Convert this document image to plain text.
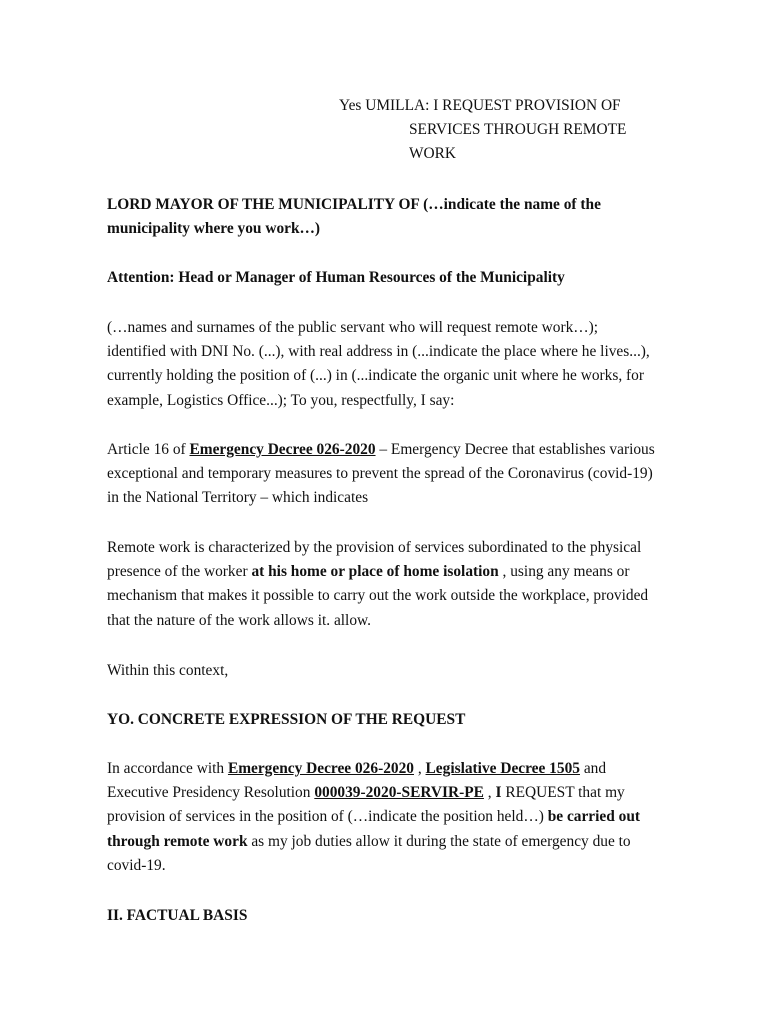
Yes UMILLA: I REQUEST PROVISION OF
SERVICES THROUGH REMOTE
WORK

LORD MAYOR OF THE MUNICIPALITY OF (…indicate the name of the municipality where you work…)

Attention: Head or Manager of Human Resources of the Municipality

(…names and surnames of the public servant who will request remote work…); identified with DNI No. (...), with real address in (...indicate the place where he lives...), currently holding the position of (...) in (...indicate the organic unit where he works, for example, Logistics Office...); To you, respectfully, I say:

Article 16 of Emergency Decree 026-2020 – Emergency Decree that establishes various exceptional and temporary measures to prevent the spread of the Coronavirus (covid-19) in the National Territory – which indicates

Remote work is characterized by the provision of services subordinated to the physical presence of the worker at his home or place of home isolation , using any means or mechanism that makes it possible to carry out the work outside the workplace, provided that the nature of the work allows it. allow.

Within this context,

YO. CONCRETE EXPRESSION OF THE REQUEST

In accordance with Emergency Decree 026-2020 , Legislative Decree 1505 and Executive Presidency Resolution 000039-2020-SERVIR-PE , I REQUEST that my provision of services in the position of (…indicate the position held…) be carried out through remote work as my job duties allow it during the state of emergency due to covid-19.

II. FACTUAL BASIS
